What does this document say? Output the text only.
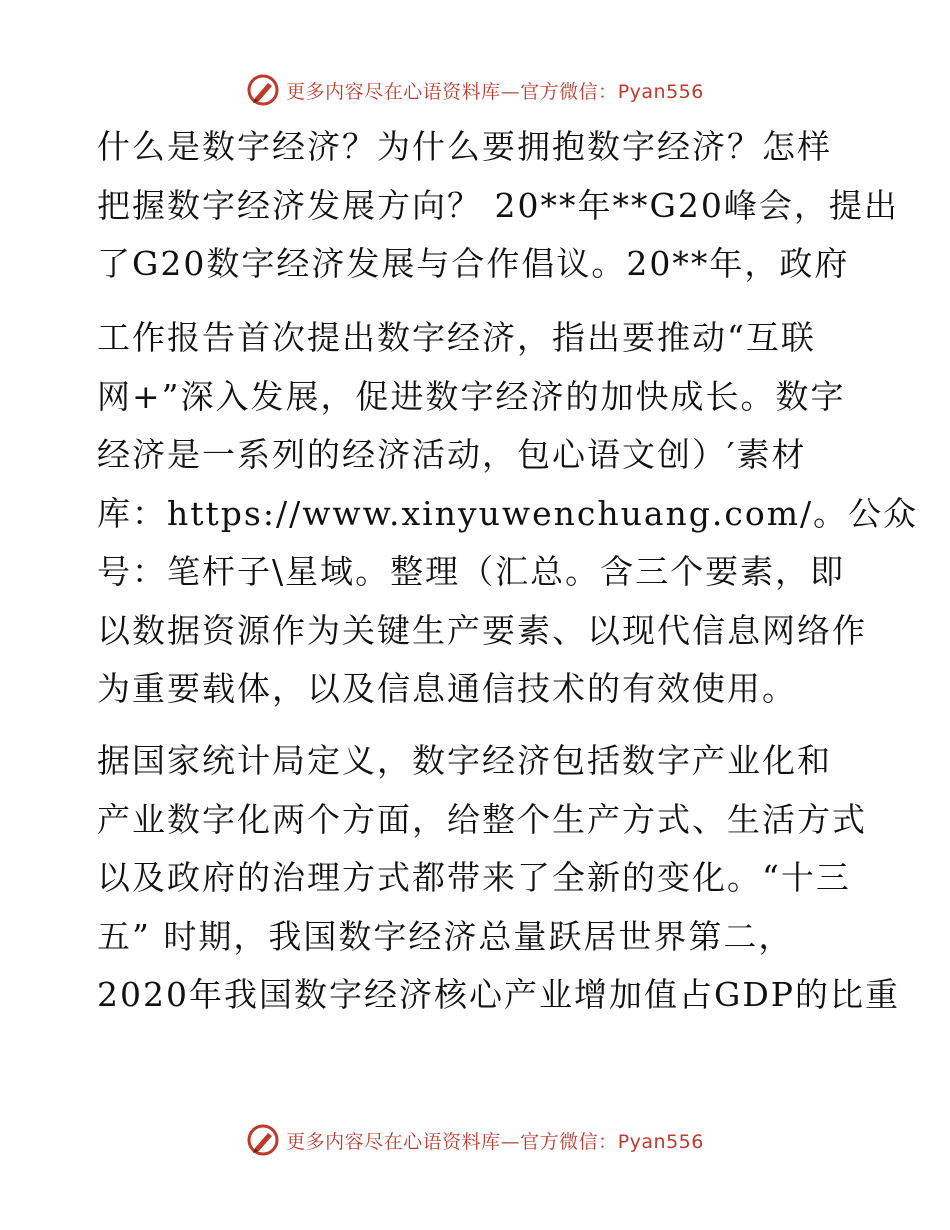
更多内容尽在心语资料库—官方微信：Pyan556
什么是数字经济？为什么要拥抱数字经济？怎样
把握数字经济发展方向？ 20**年**G20峰会，提出
了G20数字经济发展与合作倡议。20**年，政府
工作报告首次提出数字经济，指出要推动“互联
网+”深入发展，促进数字经济的加快成长。数字
经济是一系列的经济活动，包心语文创）′素材
库：https://www.xinyuwenchuang.com/。公众
号：笔杆子\星域。整理（汇总。含三个要素，即
以数据资源作为关键生产要素、以现代信息网络作
为重要载体，以及信息通信技术的有效使用。
据国家统计局定义，数字经济包括数字产业化和
产业数字化两个方面，给整个生产方式、生活方式
以及政府的治理方式都带来了全新的变化。“十三
五” 时期，我国数字经济总量跃居世界第二，
2020年我国数字经济核心产业增加值占GDP的比重
更多内容尽在心语资料库—官方微信：Pyan556
